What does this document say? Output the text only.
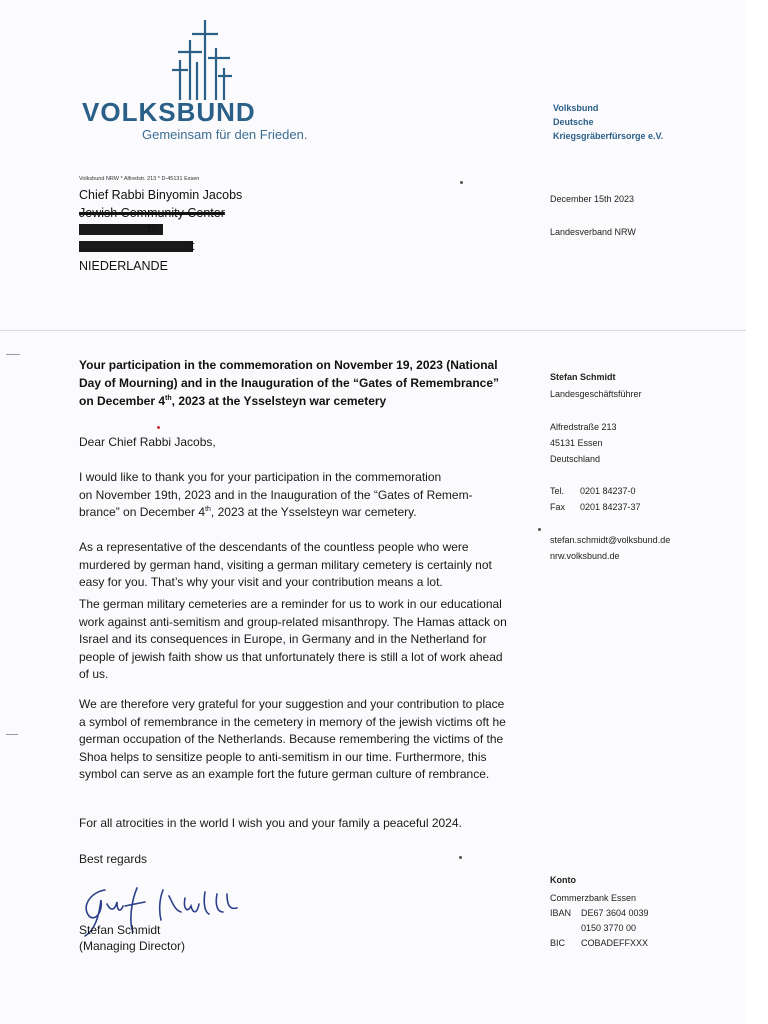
VOLKSBUND
Gemeinsam für den Frieden.
Volksbund
Deutsche
Kriegsgräberfürsorge e.V.
Volksbund NRW * Alfredstr. 213 * D-45131 Essen
Chief Rabbi Binyomin Jacobs
Jewish Community Center
10
t
NIEDERLANDE
December 15th 2023
Landesverband NRW
Your participation in the commemoration on November 19, 2023 (National
Day of Mourning) and in the Inauguration of the “Gates of Remembrance”
on December 4th, 2023 at the Ysselsteyn war cemetery
Dear Chief Rabbi Jacobs,
I would like to thank you for your participation in the commemoration
on November 19th, 2023 and in the Inauguration of the “Gates of Remem-
brance” on December 4th, 2023 at the Ysselsteyn war cemetery.
As a representative of the descendants of the countless people who were murdered by german hand, visiting a german military cemetery is certainly not easy for you. That’s why your visit and your contribution means a lot.
The german military cemeteries are a reminder for us to work in our educational work against anti-semitism and group-related misanthropy. The Hamas attack on Israel and its consequences in Europe, in Germany and in the Netherland for people of jewish faith show us that unfortunately there is still a lot of work ahead of us.
We are therefore very grateful for your suggestion and your contribution to place a symbol of remembrance in the cemetery in memory of the jewish victims oft he german occupation of the Netherlands. Because remembering the victims of the Shoa helps to sensitize people to anti-semitism in our time. Furthermore, this symbol can serve as an example fort the future german culture of rembrance.
For all atrocities in the world I wish you and your family a peaceful 2024.
Best regards
Stefan Schmidt
(Managing Director)
Stefan Schmidt
Landesgeschäftsführer
Alfredstraße 213
45131 Essen
Deutschland
Tel. 0201 84237-0
Fax 0201 84237-37
stefan.schmidt@volksbund.de
nrw.volksbund.de
Konto
Commerzbank Essen
IBAN DE67 3604 0039
0150 3770 00
BIC COBADEFFXXX
